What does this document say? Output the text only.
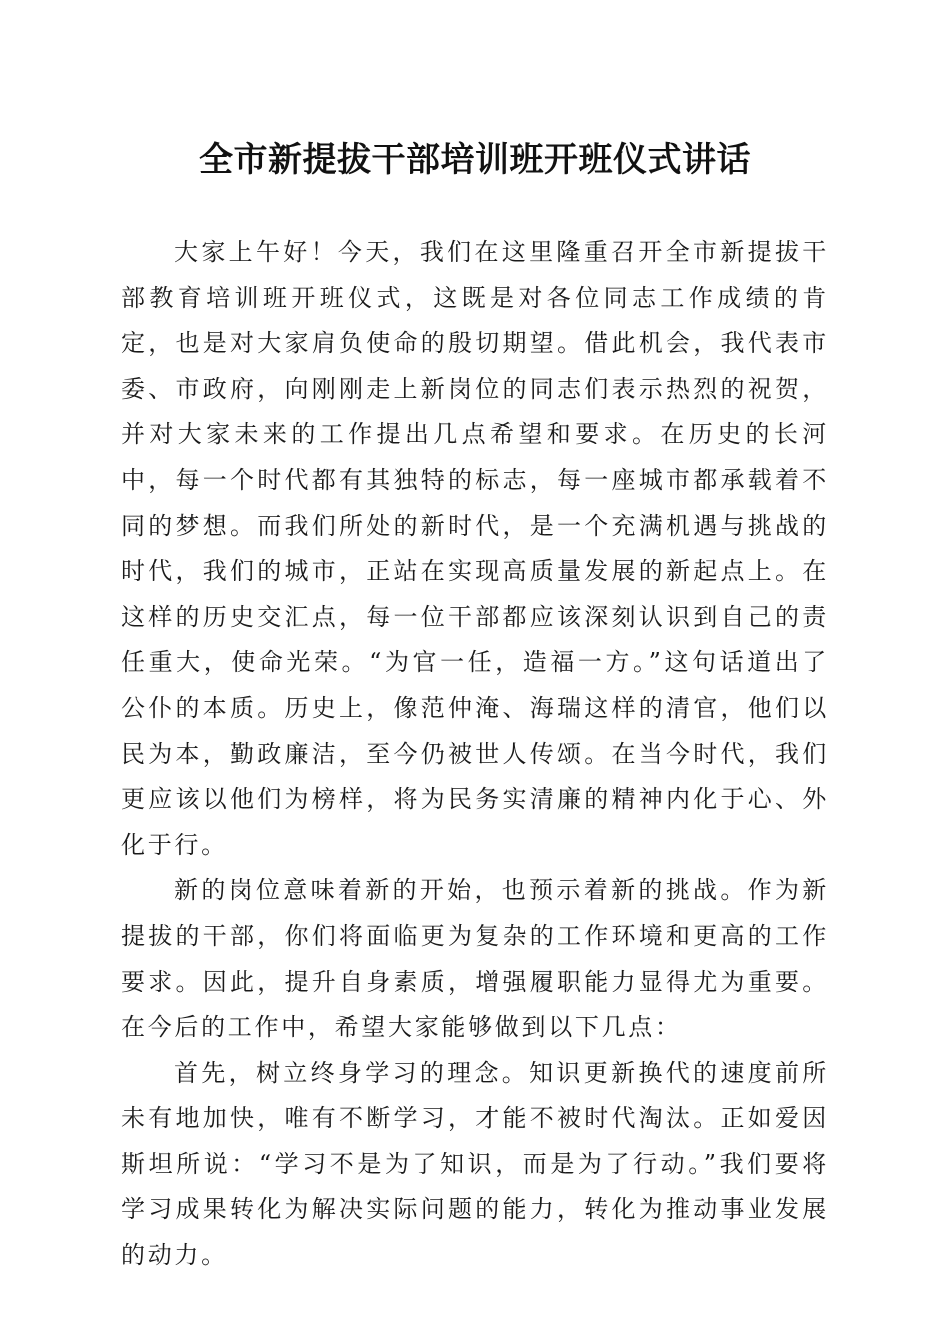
全市新提拔干部培训班开班仪式讲话

大家上午好！今天，我们在这里隆重召开全市新提拔干部教育培训班开班仪式，这既是对各位同志工作成绩的肯定，也是对大家肩负使命的殷切期望。借此机会，我代表市委、市政府，向刚刚走上新岗位的同志们表示热烈的祝贺，并对大家未来的工作提出几点希望和要求。在历史的长河中，每一个时代都有其独特的标志，每一座城市都承载着不同的梦想。而我们所处的新时代，是一个充满机遇与挑战的时代，我们的城市，正站在实现高质量发展的新起点上。在这样的历史交汇点，每一位干部都应该深刻认识到自己的责任重大，使命光荣。“为官一任，造福一方。”这句话道出了公仆的本质。历史上，像范仲淹、海瑞这样的清官，他们以民为本，勤政廉洁，至今仍被世人传颂。在当今时代，我们更应该以他们为榜样，将为民务实清廉的精神内化于心、外化于行。

新的岗位意味着新的开始，也预示着新的挑战。作为新提拔的干部，你们将面临更为复杂的工作环境和更高的工作要求。因此，提升自身素质，增强履职能力显得尤为重要。在今后的工作中，希望大家能够做到以下几点：

首先，树立终身学习的理念。知识更新换代的速度前所未有地加快，唯有不断学习，才能不被时代淘汰。正如爱因斯坦所说：“学习不是为了知识，而是为了行动。”我们要将学习成果转化为解决实际问题的能力，转化为推动事业发展的动力。
